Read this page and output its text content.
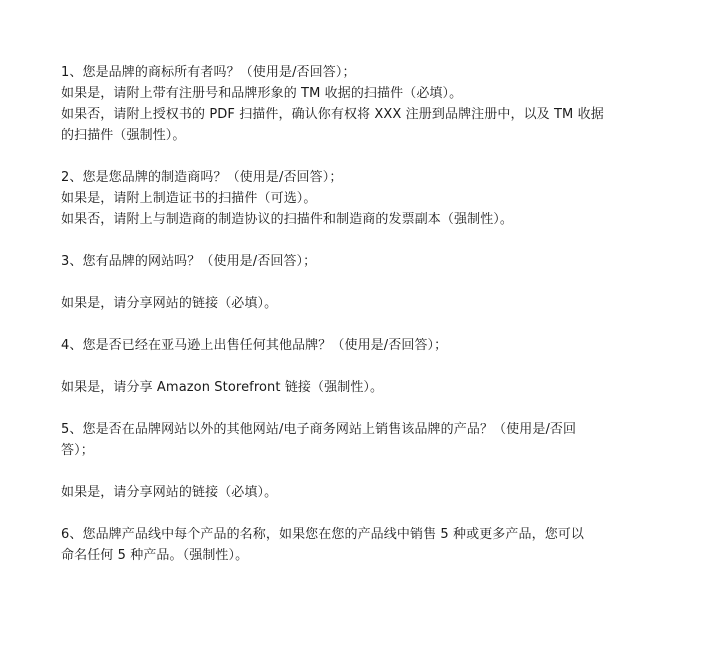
1、您是品牌的商标所有者吗？（使用是/否回答）；
如果是，请附上带有注册号和品牌形象的 TM 收据的扫描件（必填）。
如果否，请附上授权书的 PDF 扫描件，确认你有权将 XXX 注册到品牌注册中，以及 TM 收据
的扫描件（强制性）。
2、您是您品牌的制造商吗？（使用是/否回答）；
如果是，请附上制造证书的扫描件（可选）。
如果否，请附上与制造商的制造协议的扫描件和制造商的发票副本（强制性）。
3、您有品牌的网站吗？（使用是/否回答）；
如果是，请分享网站的链接（必填）。
4、您是否已经在亚马逊上出售任何其他品牌？（使用是/否回答）；
如果是，请分享 Amazon Storefront 链接（强制性）。
5、您是否在品牌网站以外的其他网站/电子商务网站上销售该品牌的产品？（使用是/否回
答）；
如果是，请分享网站的链接（必填）。
6、您品牌产品线中每个产品的名称，如果您在您的产品线中销售 5 种或更多产品，您可以
命名任何 5 种产品。（强制性）。
